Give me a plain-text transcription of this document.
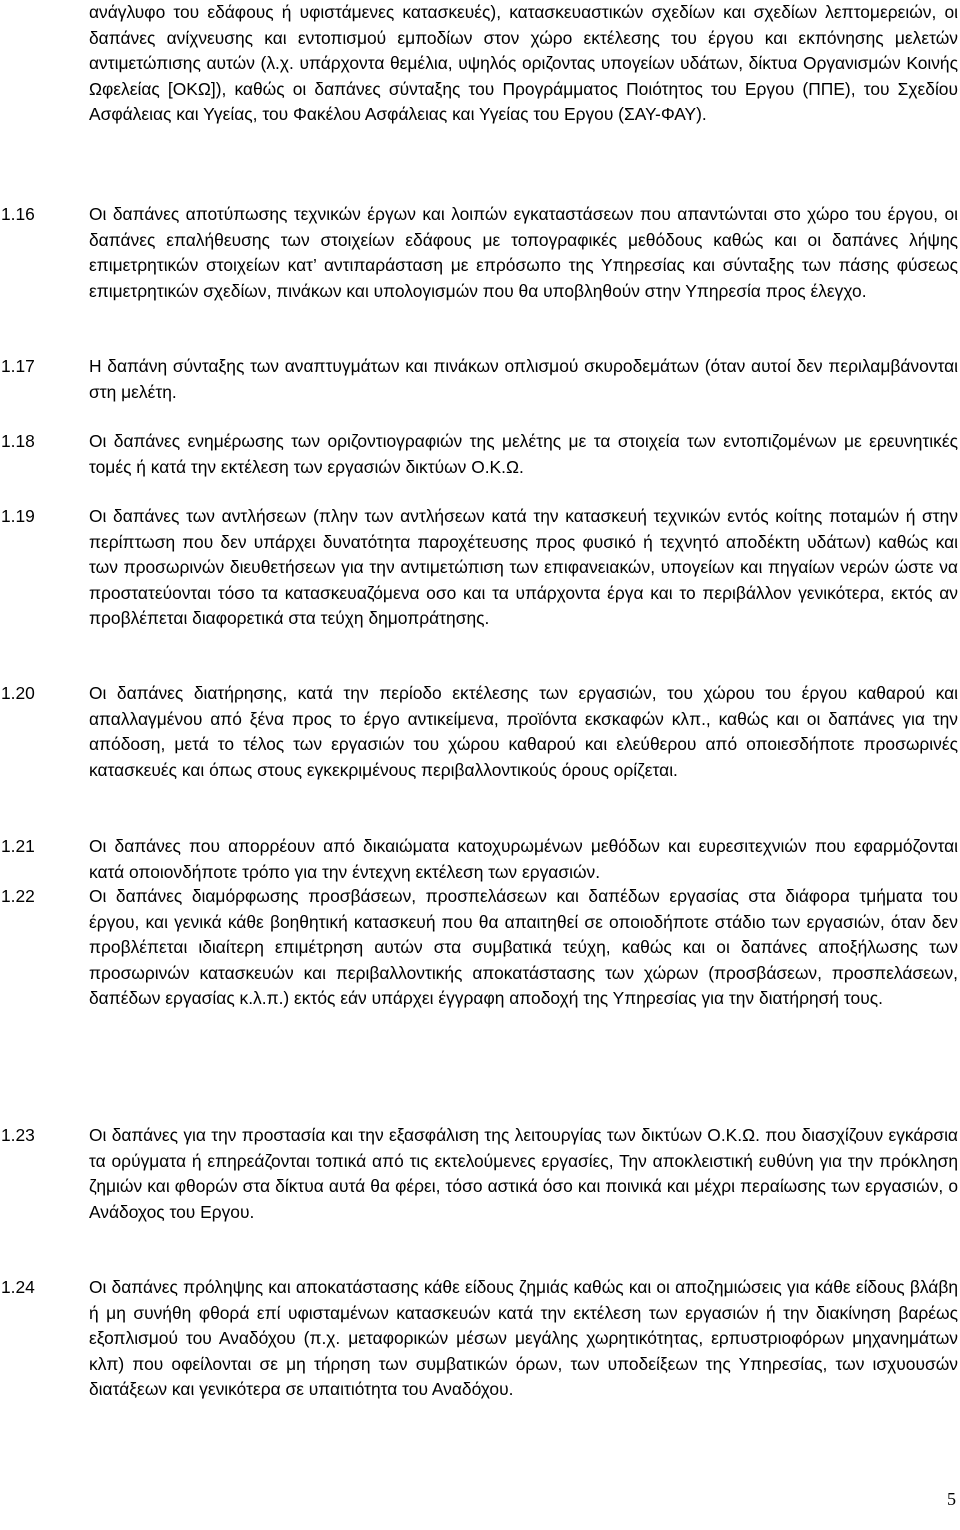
ανάγλυφο του εδάφους ή υφιστάμενες κατασκευές), κατασκευαστικών σχεδίων και σχεδίων λεπτομερειών, οι δαπάνες ανίχνευσης και εντοπισμού εμποδίων στον χώρο εκτέλεσης του έργου και εκπόνησης μελετών αντιμετώπισης αυτών (λ.χ. υπάρχοντα θεμέλια, υψηλός οριζοντας υπογείων υδάτων, δίκτυα Οργανισμών Κοινής Ωφελείας [ΟΚΩ]), καθώς οι δαπάνες σύνταξης του Προγράμματος Ποιότητος του Εργου (ΠΠΕ), του Σχεδίου Ασφάλειας και Υγείας, του Φακέλου Ασφάλειας και Υγείας του Εργου (ΣΑΥ-ΦΑΥ).

1.16	Οι δαπάνες αποτύπωσης τεχνικών έργων και λοιπών εγκαταστάσεων που απαντώνται στο χώρο του έργου, οι δαπάνες επαλήθευσης των στοιχείων εδάφους με τοπογραφικές μεθόδους καθώς και οι δαπάνες λήψης επιμετρητικών στοιχείων κατ’ αντιπαράσταση με επρόσωπο της Υπηρεσίας και σύνταξης των πάσης φύσεως επιμετρητικών σχεδίων, πινάκων και υπολογισμών που θα υποβληθούν στην Υπηρεσία προς έλεγχο.

1.17	Η δαπάνη σύνταξης των αναπτυγμάτων και πινάκων οπλισμού σκυροδεμάτων (όταν αυτοί δεν περιλαμβάνονται στη μελέτη.

1.18	Οι δαπάνες ενημέρωσης των οριζοντιογραφιών της μελέτης με τα στοιχεία των εντοπιζομένων με ερευνητικές τομές ή κατά την εκτέλεση των εργασιών δικτύων Ο.Κ.Ω.

1.19	Οι δαπάνες των αντλήσεων (πλην των αντλήσεων κατά την κατασκευή τεχνικών εντός κοίτης ποταμών ή στην περίπτωση που δεν υπάρχει δυνατότητα παροχέτευσης προς φυσικό ή τεχνητό αποδέκτη υδάτων) καθώς και των προσωρινών διευθετήσεων για την αντιμετώπιση των επιφανειακών, υπογείων και πηγαίων νερών ώστε να προστατεύονται τόσο τα κατασκευαζόμενα οσο και τα υπάρχοντα έργα και το περιβάλλον γενικότερα, εκτός αν προβλέπεται διαφορετικά στα τεύχη δημοπράτησης.

1.20	Οι δαπάνες διατήρησης, κατά την περίοδο εκτέλεσης των εργασιών, του χώρου του έργου καθαρού και απαλλαγμένου από ξένα προς το έργο αντικείμενα, προϊόντα εκσκαφών κλπ., καθώς και οι δαπάνες για την απόδοση, μετά το τέλος των εργασιών του χώρου καθαρού και ελεύθερου από οποιεσδήποτε προσωρινές κατασκευές και όπως στους εγκεκριμένους περιβαλλοντικούς όρους ορίζεται.

1.21	Οι δαπάνες που απορρέουν από δικαιώματα κατοχυρωμένων μεθόδων και ευρεσιτεχνιών που εφαρμόζονται κατά οποιονδήποτε τρόπο για την έντεχνη εκτέλεση των εργασιών.

1.22	Οι δαπάνες διαμόρφωσης προσβάσεων, προσπελάσεων και δαπέδων εργασίας στα διάφορα τμήματα του έργου, και γενικά κάθε βοηθητική κατασκευή που θα απαιτηθεί σε οποιοδήποτε στάδιο των εργασιών, όταν δεν προβλέπεται ιδιαίτερη επιμέτρηση αυτών στα συμβατικά τεύχη, καθώς και οι δαπάνες αποξήλωσης των προσωρινών κατασκευών και περιβαλλοντικής αποκατάστασης των χώρων (προσβάσεων, προσπελάσεων, δαπέδων εργασίας κ.λ.π.) εκτός εάν υπάρχει έγγραφη αποδοχή της Υπηρεσίας για την διατήρησή τους.

1.23	Οι δαπάνες για την προστασία και την εξασφάλιση της λειτουργίας των δικτύων Ο.Κ.Ω. που διασχίζουν εγκάρσια τα ορύγματα ή επηρεάζονται τοπικά από τις εκτελούμενες εργασίες, Την αποκλειστική ευθύνη για την πρόκληση ζημιών και φθορών στα δίκτυα αυτά θα φέρει, τόσο αστικά όσο και ποινικά και μέχρι περαίωσης των εργασιών, ο Ανάδοχος του Εργου.

1.24	Οι δαπάνες πρόληψης και αποκατάστασης κάθε είδους ζημιάς καθώς και οι αποζημιώσεις για κάθε είδους βλάβη ή μη συνήθη φθορά επί υφισταμένων κατασκευών κατά την εκτέλεση των εργασιών ή την διακίνηση βαρέως εξοπλισμού του Αναδόχου (π.χ. μεταφορικών μέσων μεγάλης χωρητικότητας, ερπυστριοφόρων μηχανημάτων κλπ) που οφείλονται σε μη τήρηση των συμβατικών όρων, των υποδείξεων της Υπηρεσίας, των ισχυουσών διατάξεων και γενικότερα σε υπαιτιότητα του Αναδόχου.

5
